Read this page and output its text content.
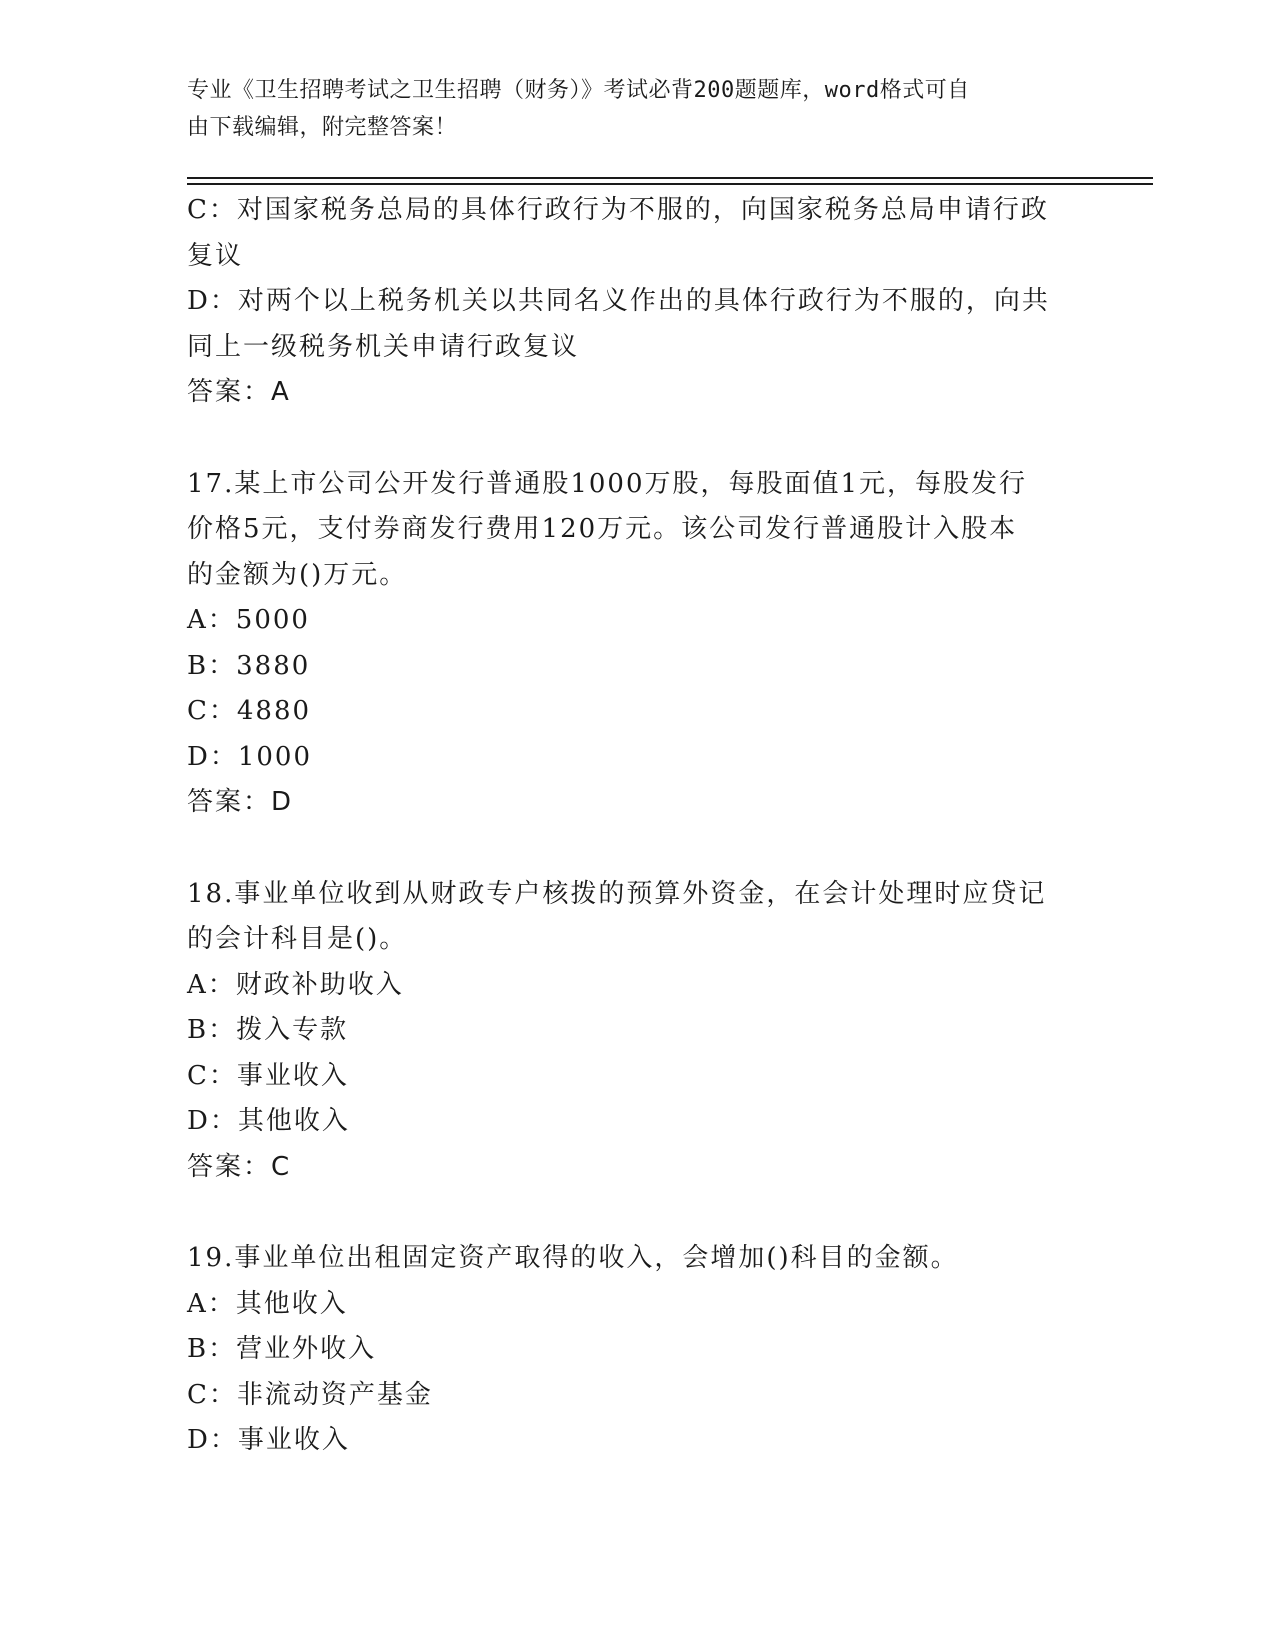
专业《卫生招聘考试之卫生招聘（财务）》考试必背200题题库，word格式可自
由下载编辑，附完整答案！

C：对国家税务总局的具体行政行为不服的，向国家税务总局申请行政

复议

D：对两个以上税务机关以共同名义作出的具体行政行为不服的，向共

同上一级税务机关申请行政复议

答案：A

17.某上市公司公开发行普通股1000万股，每股面值1元，每股发行

价格5元，支付券商发行费用120万元。该公司发行普通股计入股本

的金额为()万元。

A：5000

B：3880

C：4880

D：1000

答案：D

18.事业单位收到从财政专户核拨的预算外资金，在会计处理时应贷记

的会计科目是()。

A：财政补助收入

B：拨入专款

C：事业收入

D：其他收入

答案：C

19.事业单位出租固定资产取得的收入，会增加()科目的金额。

A：其他收入

B：营业外收入

C：非流动资产基金

D：事业收入
